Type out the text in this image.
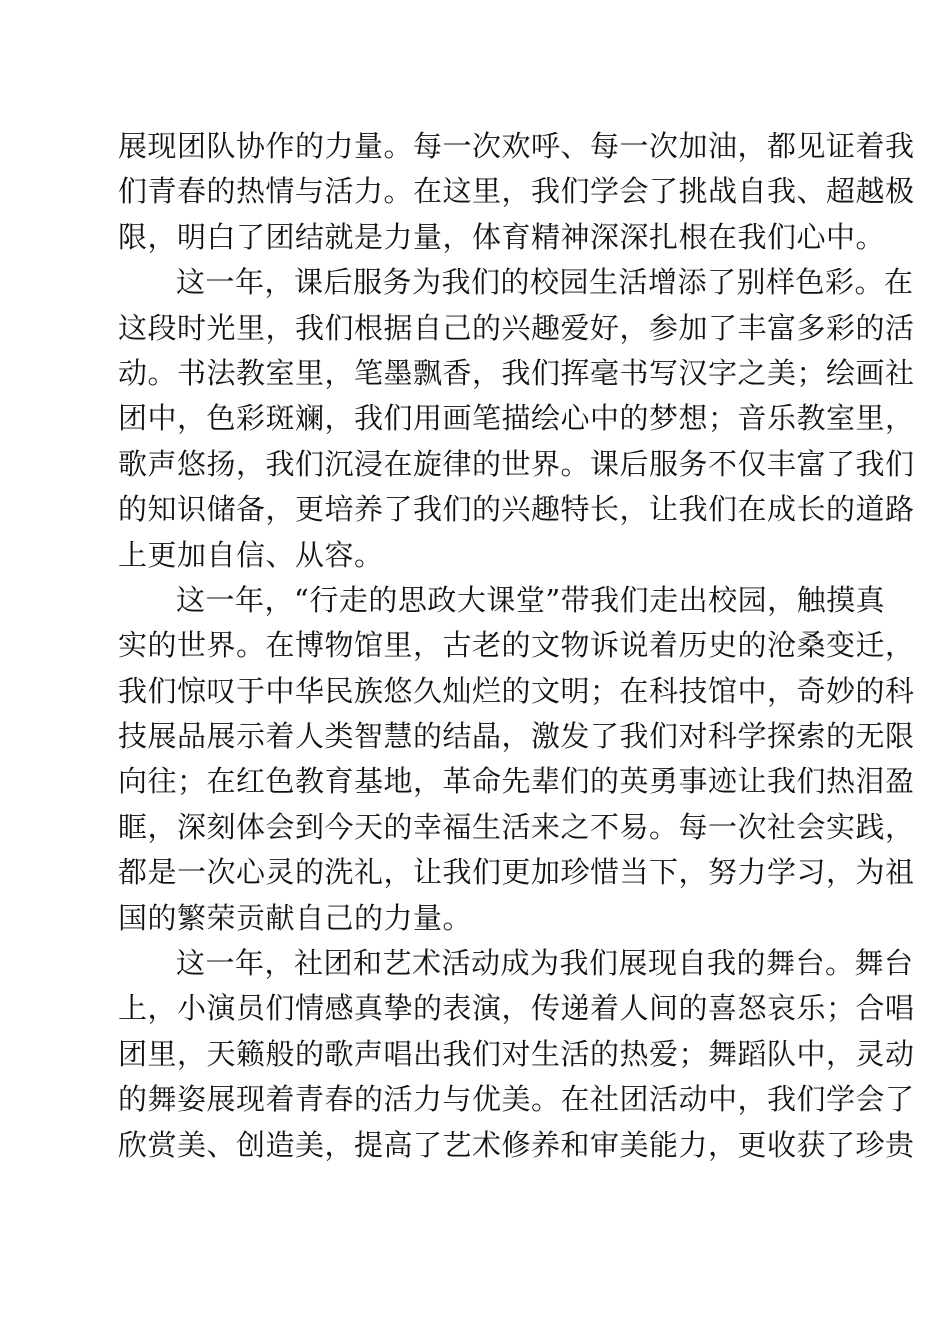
展现团队协作的力量。每一次欢呼、每一次加油，都见证着我
们青春的热情与活力。在这里，我们学会了挑战自我、超越极
限，明白了团结就是力量，体育精神深深扎根在我们心中。
这一年，课后服务为我们的校园生活增添了别样色彩。在
这段时光里，我们根据自己的兴趣爱好，参加了丰富多彩的活
动。书法教室里，笔墨飘香，我们挥毫书写汉字之美；绘画社
团中，色彩斑斓，我们用画笔描绘心中的梦想；音乐教室里，
歌声悠扬，我们沉浸在旋律的世界。课后服务不仅丰富了我们
的知识储备，更培养了我们的兴趣特长，让我们在成长的道路
上更加自信、从容。
这一年，“行走的思政大课堂”带我们走出校园，触摸真
实的世界。在博物馆里，古老的文物诉说着历史的沧桑变迁，
我们惊叹于中华民族悠久灿烂的文明；在科技馆中，奇妙的科
技展品展示着人类智慧的结晶，激发了我们对科学探索的无限
向往；在红色教育基地，革命先辈们的英勇事迹让我们热泪盈
眶，深刻体会到今天的幸福生活来之不易。每一次社会实践，
都是一次心灵的洗礼，让我们更加珍惜当下，努力学习，为祖
国的繁荣贡献自己的力量。
这一年，社团和艺术活动成为我们展现自我的舞台。舞台
上，小演员们情感真挚的表演，传递着人间的喜怒哀乐；合唱
团里，天籁般的歌声唱出我们对生活的热爱；舞蹈队中，灵动
的舞姿展现着青春的活力与优美。在社团活动中，我们学会了
欣赏美、创造美，提高了艺术修养和审美能力，更收获了珍贵
